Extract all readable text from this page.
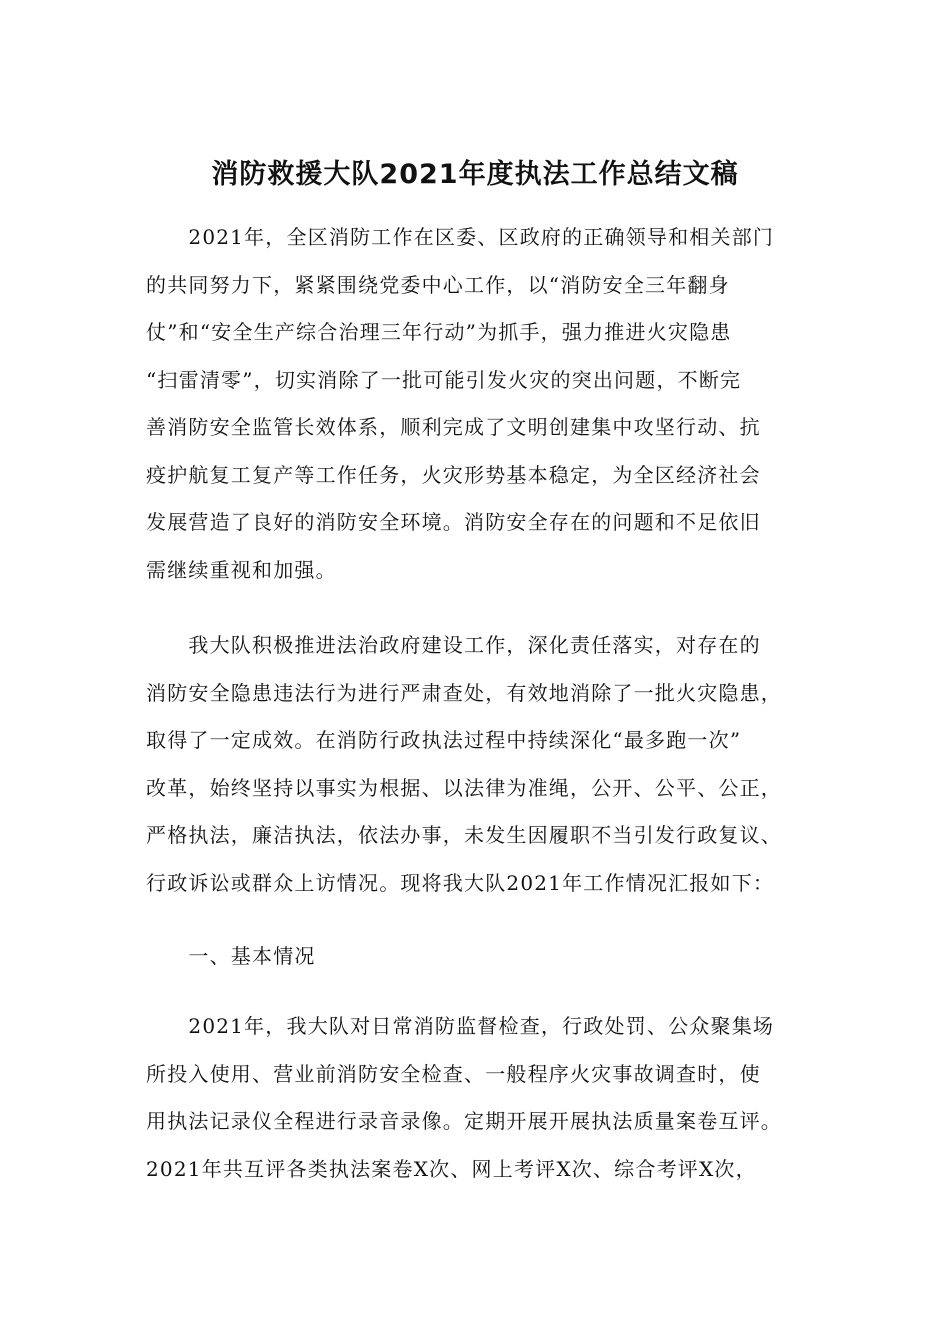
消防救援大队2021年度执法工作总结文稿
　　2021年，全区消防工作在区委、区政府的正确领导和相关部门
的共同努力下，紧紧围绕党委中心工作，以“消防安全三年翻身
仗”和“安全生产综合治理三年行动”为抓手，强力推进火灾隐患
“扫雷清零”，切实消除了一批可能引发火灾的突出问题，不断完
善消防安全监管长效体系，顺利完成了文明创建集中攻坚行动、抗
疫护航复工复产等工作任务，火灾形势基本稳定，为全区经济社会
发展营造了良好的消防安全环境。消防安全存在的问题和不足依旧
需继续重视和加强。
　　我大队积极推进法治政府建设工作，深化责任落实，对存在的
消防安全隐患违法行为进行严肃查处，有效地消除了一批火灾隐患，
取得了一定成效。在消防行政执法过程中持续深化“最多跑一次”
改革，始终坚持以事实为根据、以法律为准绳，公开、公平、公正，
严格执法，廉洁执法，依法办事，未发生因履职不当引发行政复议、
行政诉讼或群众上访情况。现将我大队2021年工作情况汇报如下：
　　一、基本情况
　　2021年，我大队对日常消防监督检查，行政处罚、公众聚集场
所投入使用、营业前消防安全检查、一般程序火灾事故调查时，使
用执法记录仪全程进行录音录像。定期开展开展执法质量案卷互评。
2021年共互评各类执法案卷X次、网上考评X次、综合考评X次，
